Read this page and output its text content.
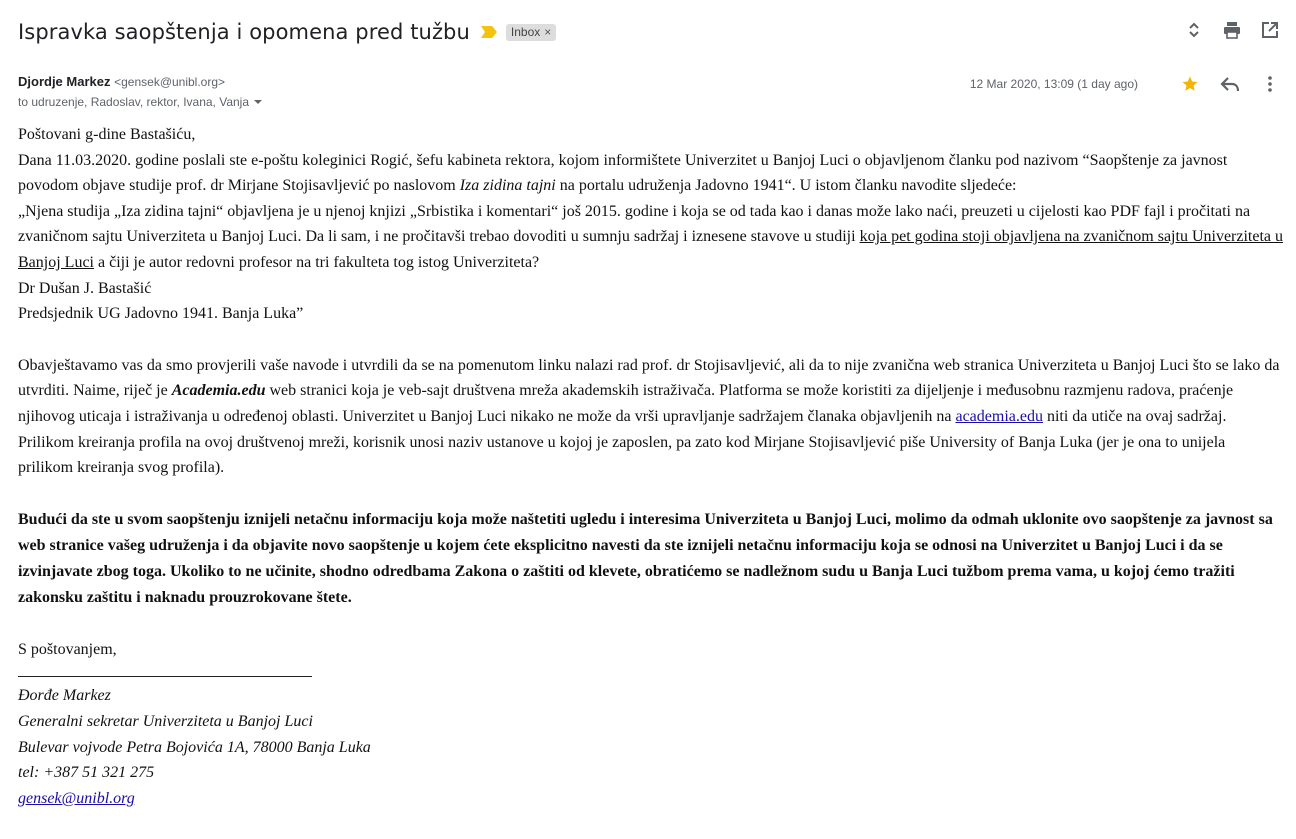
Ispravka saopštenja i opomena pred tužbu	Inbox ×
Djordje Markez <gensek@unibl.org>
to udruzenje, Radoslav, rektor, Ivana, Vanja
12 Mar 2020, 13:09 (1 day ago)

Poštovani g-dine Bastašiću,

Dana 11.03.2020. godine poslali ste e-poštu koleginici Rogić, šefu kabineta rektora, kojom informištete Univerzitet u Banjoj Luci o objavljenom članku pod nazivom “Saopštenje za javnost povodom objave studije prof. dr Mirjane Stojisavljević po naslovom Iza zidina tajni na portalu udruženja Jadovno 1941“. U istom članku navodite sljedeće:

„Njena studija „Iza zidina tajni“ objavljena je u njenoj knjizi „Srbistika i komentari“ još 2015. godine i koja se od tada kao i danas može lako naći, preuzeti u cijelosti kao PDF fajl i pročitati na zvaničnom sajtu Univerziteta u Banjoj Luci. Da li sam, i ne pročitavši trebao dovoditi u sumnju sadržaj i iznesene stavove u studiji koja pet godina stoji objavljena na zvaničnom sajtu Univerziteta u Banjoj Luci a čiji je autor redovni profesor na tri fakulteta tog istog Univerziteta?

Dr Dušan J. Bastašić

Predsjednik UG Jadovno 1941. Banja Luka”

Obavještavamo vas da smo provjerili vaše navode i utvrdili da se na pomenutom linku nalazi rad prof. dr Stojisavljević, ali da to nije zvanična web stranica Univerziteta u Banjoj Luci što se lako da utvrditi. Naime, riječ je Academia.edu web stranici koja je veb-sajt društvena mreža akademskih istraživača. Platforma se može koristiti za dijeljenje i međusobnu razmjenu radova, praćenje njihovog uticaja i istraživanja u određenoj oblasti. Univerzitet u Banjoj Luci nikako ne može da vrši upravljanje sadržajem članaka objavljenih na academia.edu niti da utiče na ovaj sadržaj. Prilikom kreiranja profila na ovoj društvenoj mreži, korisnik unosi naziv ustanove u kojoj je zaposlen, pa zato kod Mirjane Stojisavljević piše University of Banja Luka (jer je ona to unijela prilikom kreiranja svog profila).

Budući da ste u svom saopštenju iznijeli netačnu informaciju koja može naštetiti ugledu i interesima Univerziteta u Banjoj Luci, molimo da odmah uklonite ovo saopštenje za javnost sa web stranice vašeg udruženja i da objavite novo saopštenje u kojem ćete eksplicitno navesti da ste iznijeli netačnu informaciju koja se odnosi na Univerzitet u Banjoj Luci i da se izvinjavate zbog toga. Ukoliko to ne učinite, shodno odredbama Zakona o zaštiti od klevete, obratićemo se nadležnom sudu u Banja Luci tužbom prema vama, u kojoj ćemo tražiti zakonsku zaštitu i naknadu prouzrokovane štete.

S poštovanjem,

Đorđe Markez

Generalni sekretar Univerziteta u Banjoj Luci

Bulevar vojvode Petra Bojovića 1A, 78000 Banja Luka

tel: +387 51 321 275

gensek@unibl.org
